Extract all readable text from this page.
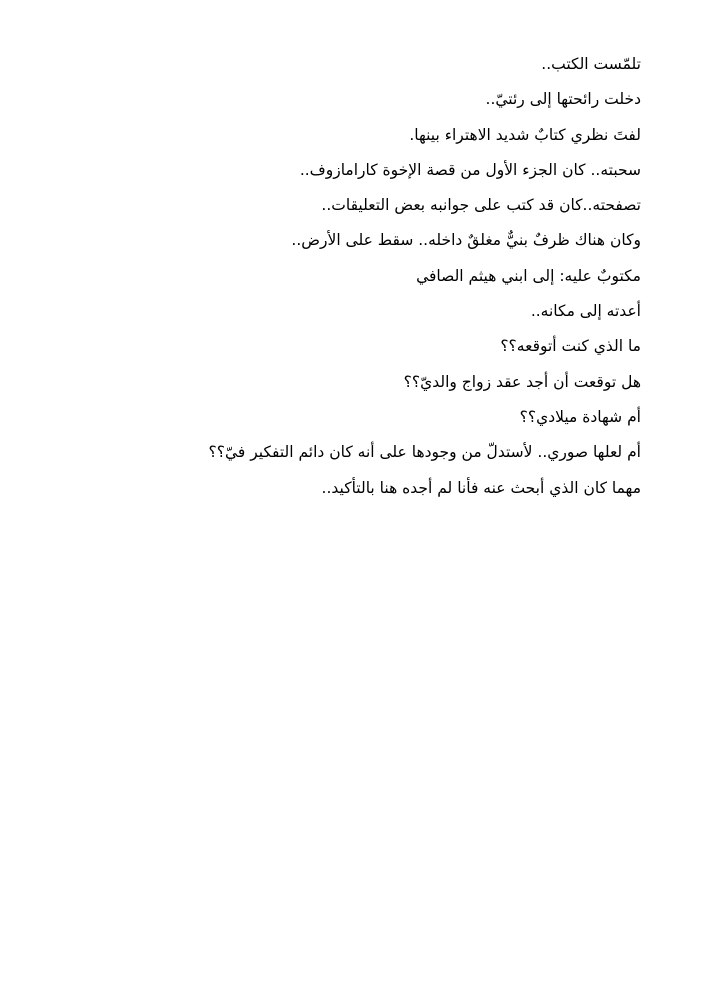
تلمّست الكتب..
دخلت رائحتها إلى رئتيّ..
لفتَ نظري كتابٌ شديد الاهتراء بينها.
سحبته.. كان الجزء الأول من قصة الإخوة كارامازوف..
تصفحته..كان قد كتب على جوانبه بعض التعليقات..
وكان هناك ظرفٌ بنيٌّ مغلقٌ داخله.. سقط على الأرض..
مكتوبٌ عليه: إلى ابني هيثم الصافي
أعدته إلى مكانه..
ما الذي كنت أتوقعه؟؟
هل توقعت أن أجد عقد زواج والديّ؟؟
أم شهادة ميلادي؟؟
أم لعلها صوري.. لأستدلّ من وجودها على أنه كان دائم التفكير فيّ؟؟
مهما كان الذي أبحث عنه فأنا لم أجده هنا بالتأكيد..
